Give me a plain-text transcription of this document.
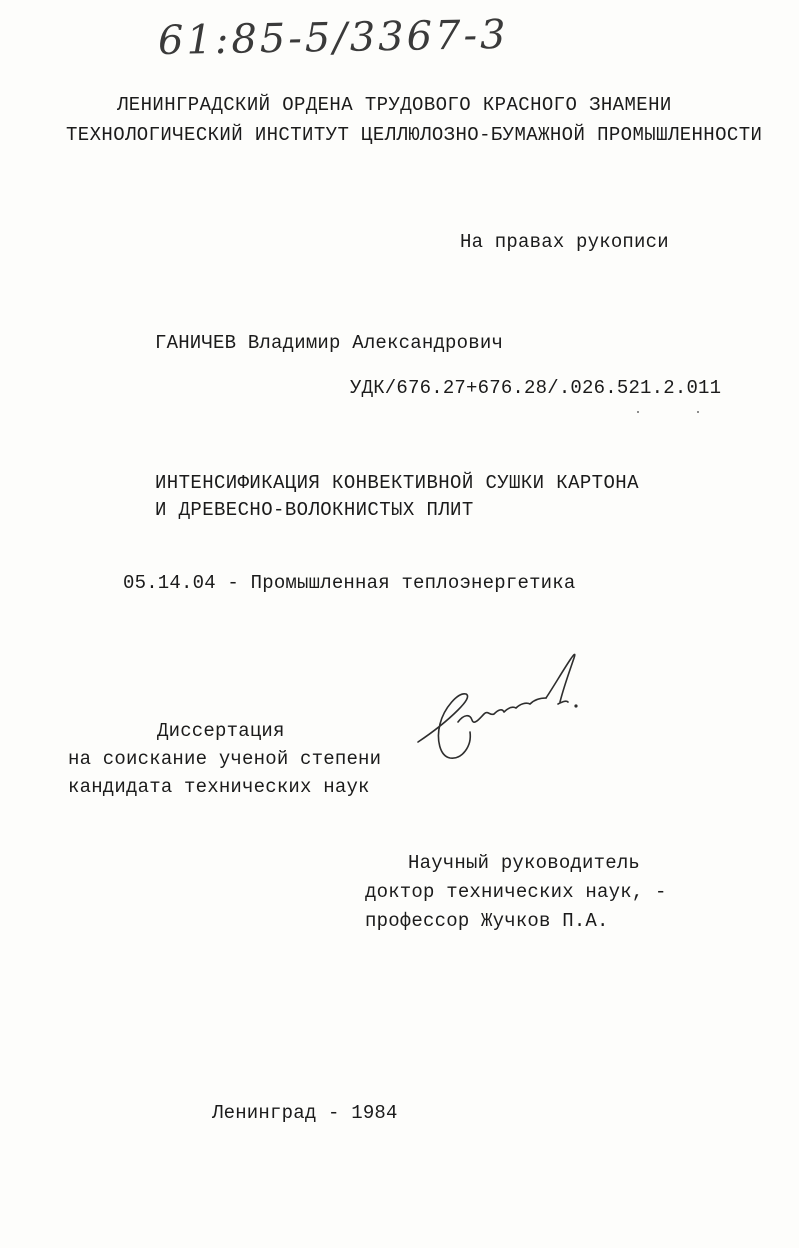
61:85-5/3367-3
ЛЕНИНГРАДСКИЙ ОРДЕНА ТРУДОВОГО КРАСНОГО ЗНАМЕНИ
ТЕХНОЛОГИЧЕСКИЙ ИНСТИТУТ ЦЕЛЛЮЛОЗНО-БУМАЖНОЙ ПРОМЫШЛЕННОСТИ
На правах рукописи
ГАНИЧЕВ Владимир Александрович
УДК/676.27+676.28/.026.521.2.011
ИНТЕНСИФИКАЦИЯ КОНВЕКТИВНОЙ СУШКИ КАРТОНА
И ДРЕВЕСНО-ВОЛОКНИСТЫХ ПЛИТ
05.14.04 - Промышленная теплоэнергетика
Диссертация
на соискание ученой степени
кандидата технических наук
Научный руководитель
доктор технических наук, -
профессор Жучков П.А.
Ленинград - 1984
